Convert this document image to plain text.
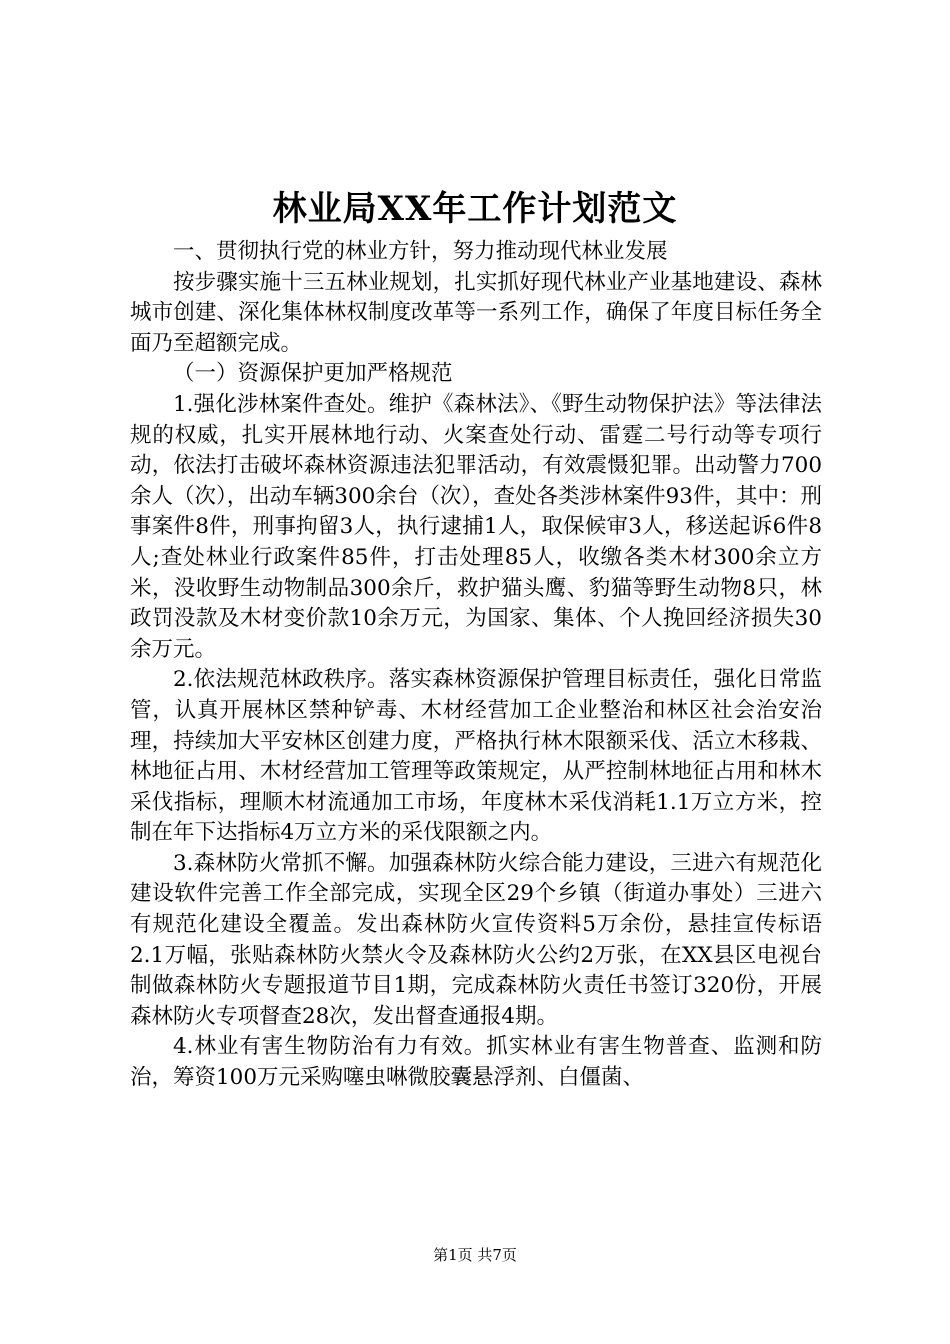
林业局XX年工作计划范文

一、贯彻执行党的林业方针，努力推动现代林业发展

按步骤实施十三五林业规划，扎实抓好现代林业产业基地建设、森林城市创建、深化集体林权制度改革等一系列工作，确保了年度目标任务全面乃至超额完成。

（一）资源保护更加严格规范

1.强化涉林案件查处。维护《森林法》、《野生动物保护法》等法律法规的权威，扎实开展林地行动、火案查处行动、雷霆二号行动等专项行动，依法打击破坏森林资源违法犯罪活动，有效震慑犯罪。出动警力700余人（次），出动车辆300余台（次），查处各类涉林案件93件，其中：刑事案件8件，刑事拘留3人，执行逮捕1人，取保候审3人，移送起诉6件8人;查处林业行政案件85件，打击处理85人，收缴各类木材300余立方米，没收野生动物制品300余斤，救护猫头鹰、豹猫等野生动物8只，林政罚没款及木材变价款10余万元，为国家、集体、个人挽回经济损失30余万元。

2.依法规范林政秩序。落实森林资源保护管理目标责任，强化日常监管，认真开展林区禁种铲毒、木材经营加工企业整治和林区社会治安治理，持续加大平安林区创建力度，严格执行林木限额采伐、活立木移栽、林地征占用、木材经营加工管理等政策规定，从严控制林地征占用和林木采伐指标，理顺木材流通加工市场，年度林木采伐消耗1.1万立方米，控制在年下达指标4万立方米的采伐限额之内。

3.森林防火常抓不懈。加强森林防火综合能力建设，三进六有规范化建设软件完善工作全部完成，实现全区29个乡镇（街道办事处）三进六有规范化建设全覆盖。发出森林防火宣传资料5万余份，悬挂宣传标语2.1万幅，张贴森林防火禁火令及森林防火公约2万张，在XX县区电视台制做森林防火专题报道节目1期，完成森林防火责任书签订320份，开展森林防火专项督查28次，发出督查通报4期。

4.林业有害生物防治有力有效。抓实林业有害生物普查、监测和防治，筹资100万元采购噻虫啉微胶囊悬浮剂、白僵菌、

第1页 共7页
